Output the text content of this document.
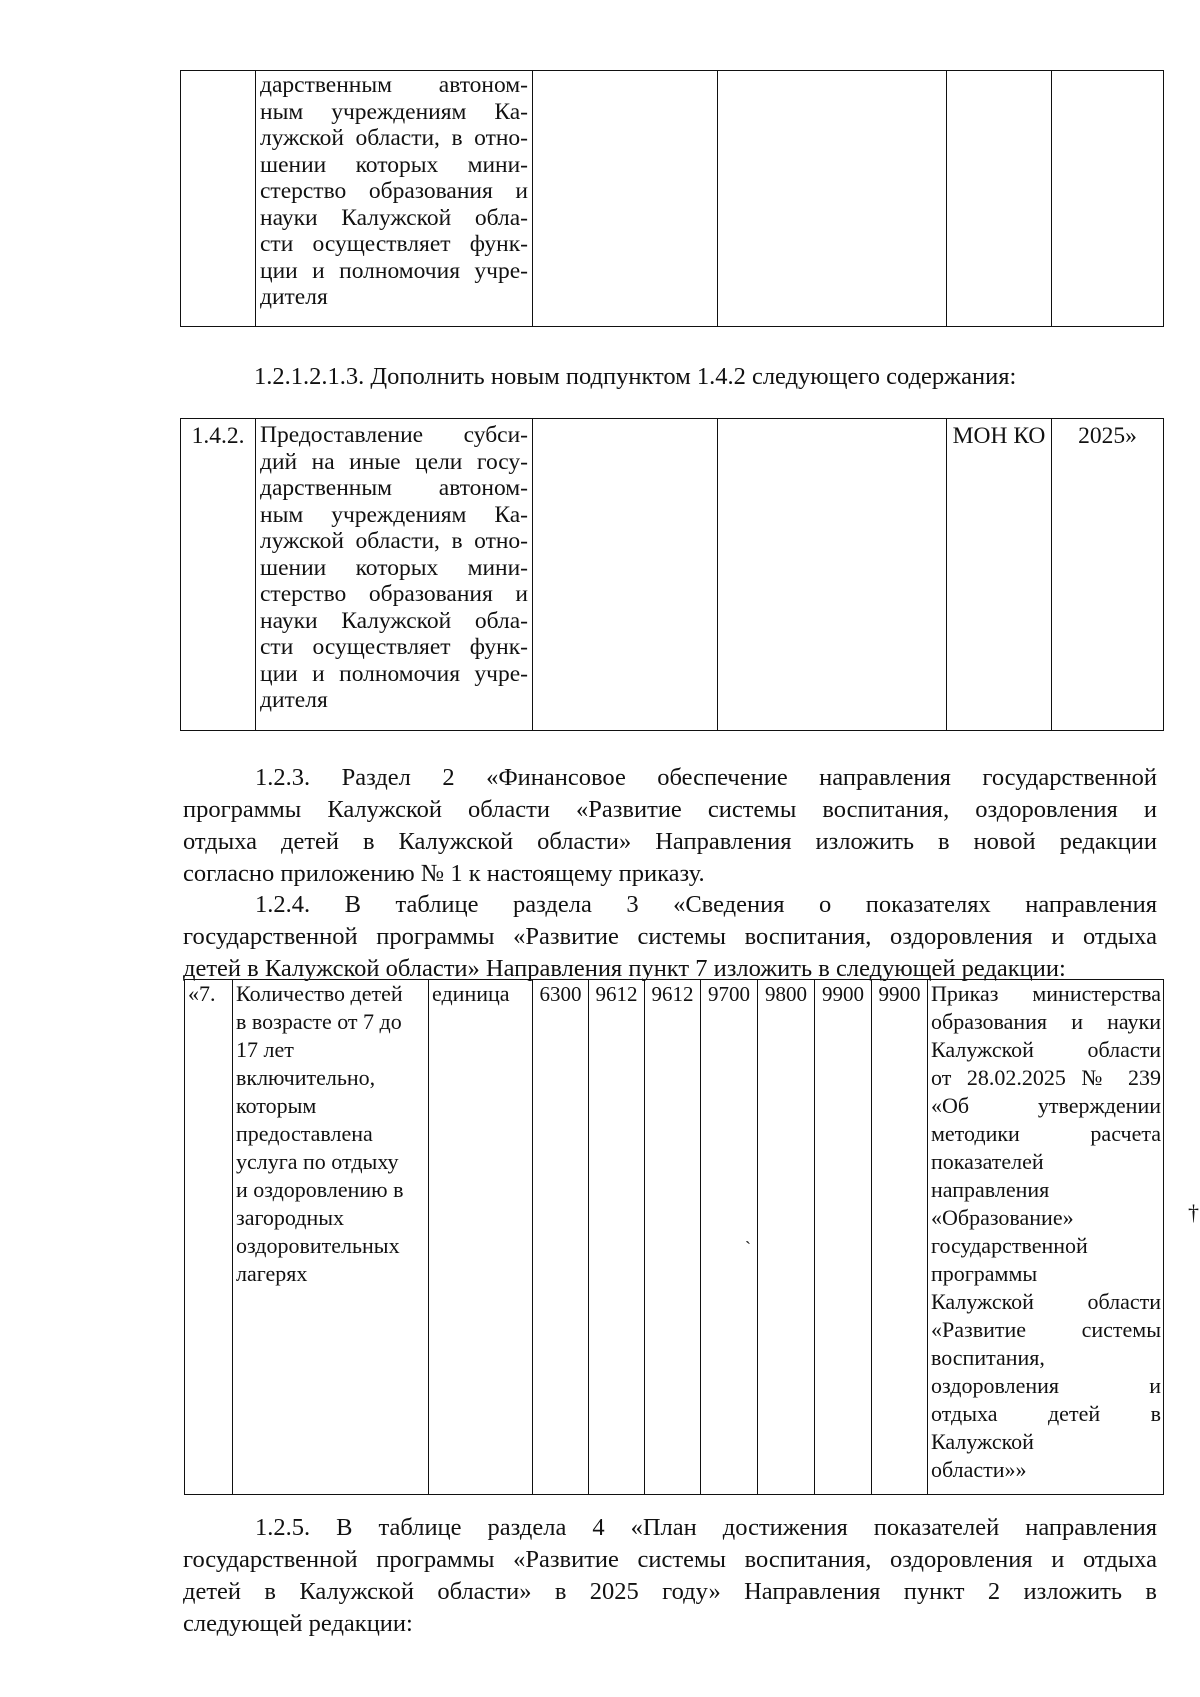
дарственным автоном-
ным учреждениям Ка-
лужской области, в отно-
шении которых мини-
стерство образования и
науки Калужской обла-
сти осуществляет функ-
ции и полномочия учре-
дителя

1.2.1.2.1.3. Дополнить новым подпунктом 1.4.2 следующего содержания:
1.4.2.	Предоставление субси-
дий на иные цели госу-
дарственным автоном-
ным учреждениям Ка-
лужской области, в отно-
шении которых мини-
стерство образования и
науки Калужской обла-
сти осуществляет функ-
ции и полномочия учре-
дителя
			МОН КО	2025»
1.2.3. Раздел 2 «Финансовое обеспечение направления государственной
программы Калужской области «Развитие системы воспитания, оздоровления и
отдыха детей в Калужской области» Направления изложить в новой редакции
согласно приложению № 1 к настоящему приказу.
1.2.4. В таблице раздела 3 «Сведения о показателях направления
государственной программы «Развитие системы воспитания, оздоровления и отдыха
детей в Калужской области» Направления пункт 7 изложить в следующей редакции:
«7.	Количество детей
в возрасте от 7 до
17 лет
включительно,
которым
предоставлена
услуга по отдыху
и оздоровлению в
загородных
оздоровительных
лагерях
	единица	6300	9612	9612	9700	9800	9900	9900	Приказ министерства
образования и науки
Калужской области
от 28.02.2025 № 239
«Об утверждении
методики расчета
показателей
направления
«Образование»
государственной
программы
Калужской области
«Развитие системы
воспитания,
оздоровления и
отдыха детей в
Калужской
области»»
ˋ
†
1.2.5. В таблице раздела 4 «План достижения показателей направления
государственной программы «Развитие системы воспитания, оздоровления и отдыха
детей в Калужской области» в 2025 году» Направления пункт 2 изложить в
следующей редакции:
